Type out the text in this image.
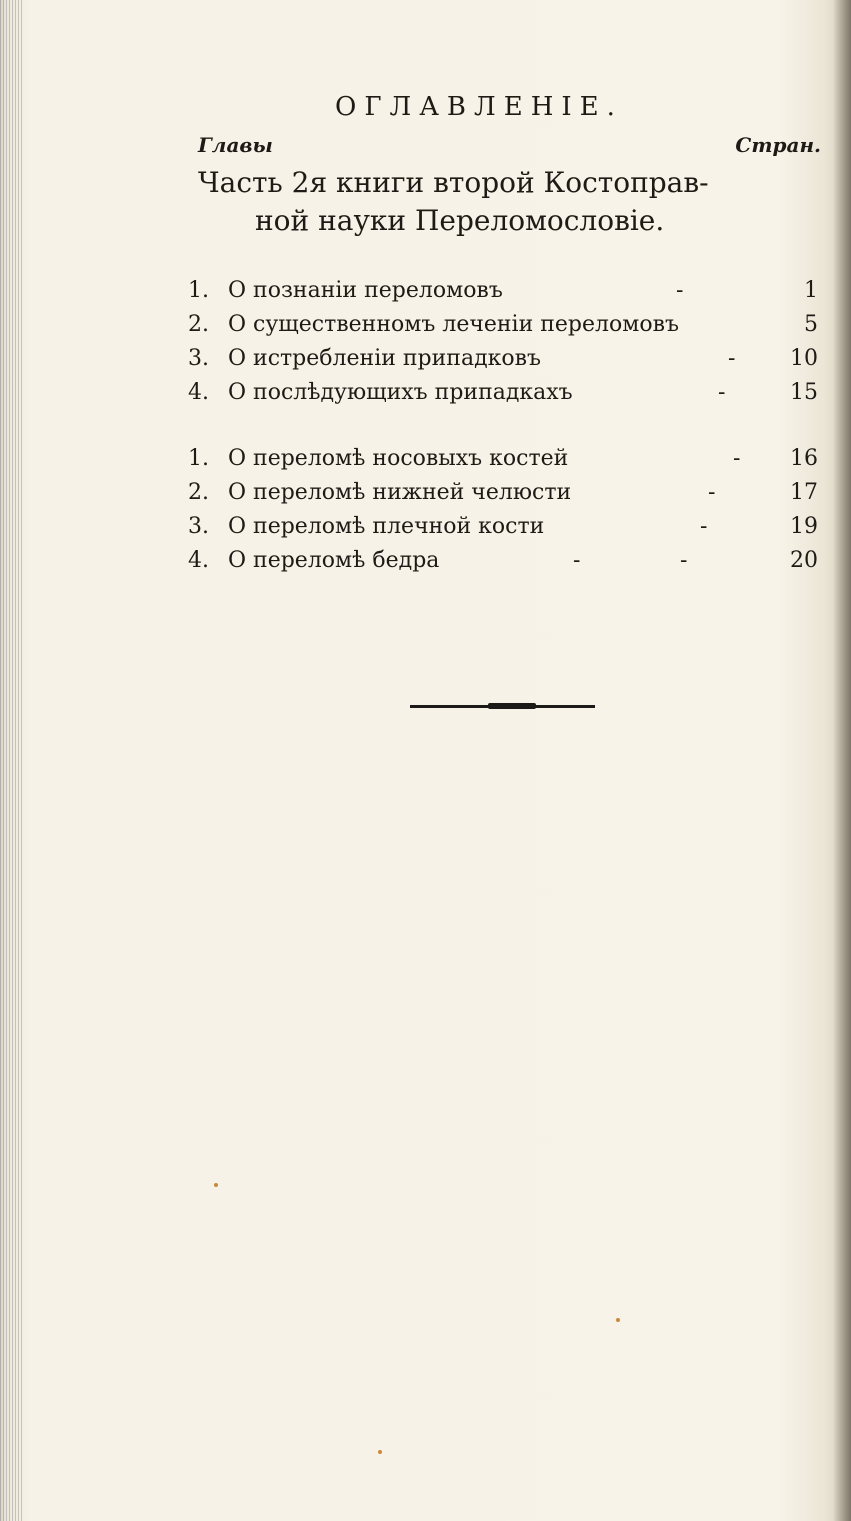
ОГЛАВЛЕНІЕ.
Главы	Стран.
Часть 2я книги второй Костоправ-
ной науки Переломословіе.
1. О познаніи переломовъ	-	1
2. О существенномъ леченіи переломовъ	5
3. О истребленіи припадковъ	- 10
4. О послѣдующихъ припадкахъ	-	15
1. О переломѣ носовыхъ костей	- 16
2. О переломѣ нижней челюсти	-	17
3. О переломѣ плечной кости	-	19
4. О переломѣ бедра	-	-	20
